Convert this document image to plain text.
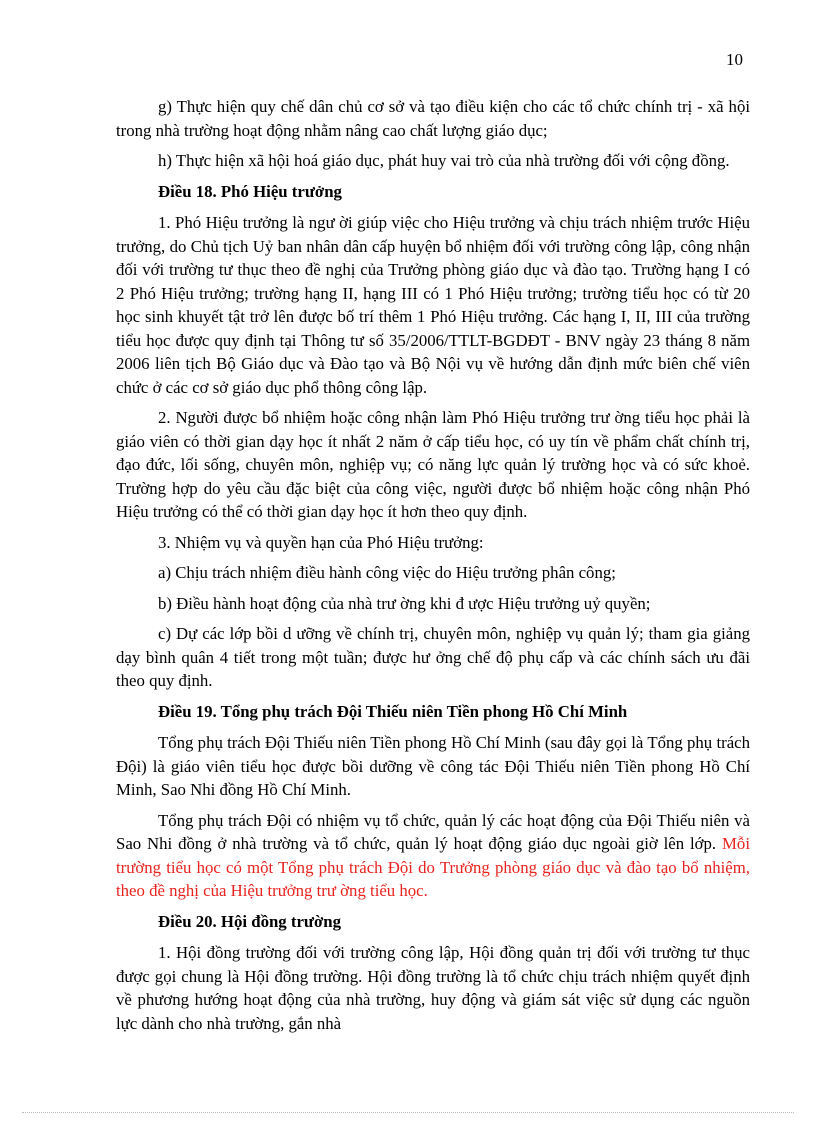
10

g) Thực hiện quy chế dân chủ cơ sở và tạo điều kiện cho các tổ chức chính trị - xã hội trong nhà trường hoạt động nhằm nâng cao chất lượng giáo dục;

h) Thực hiện xã hội hoá giáo dục, phát huy vai trò của nhà trường đối với cộng đồng.

Điều 18. Phó Hiệu trưởng

1. Phó Hiệu trưởng là ngư ời giúp việc cho Hiệu trưởng và chịu trách nhiệm trước Hiệu trưởng, do Chủ tịch Uỷ ban nhân dân cấp huyện bổ nhiệm đối với trường công lập, công nhận đối với trường tư thục theo đề nghị của Trưởng phòng giáo dục và đào tạo. Trường hạng I có 2 Phó Hiệu trưởng; trường hạng II, hạng III có 1 Phó Hiệu trưởng; trường tiểu học có từ 20 học sinh khuyết tật trở lên được bố trí thêm 1 Phó Hiệu trưởng. Các hạng I, II, III của trường tiểu học được quy định tại Thông tư số 35/2006/TTLT-BGDĐT - BNV ngày 23 tháng 8 năm 2006 liên tịch Bộ Giáo dục và Đào tạo và Bộ Nội vụ về hướng dẫn định mức biên chế viên chức ở các cơ sở giáo dục phổ thông công lập.

2. Người được bổ nhiệm hoặc công nhận làm Phó Hiệu trưởng trư ờng tiểu học phải là giáo viên có thời gian dạy học ít nhất 2 năm ở cấp tiểu học, có uy tín về phẩm chất chính trị, đạo đức, lối sống, chuyên môn, nghiệp vụ; có năng lực quản lý trường học và có sức khoẻ. Trường hợp do yêu cầu đặc biệt của công việc, người được bổ nhiệm hoặc công nhận Phó Hiệu trưởng có thể có thời gian dạy học ít hơn theo quy định.

3. Nhiệm vụ và quyền hạn của Phó Hiệu trưởng:

a) Chịu trách nhiệm điều hành công việc do Hiệu trưởng phân công;

b) Điều hành hoạt động của nhà trư ờng khi đ ược Hiệu trưởng uỷ quyền;

c) Dự các lớp bồi d ưỡng về chính trị, chuyên môn, nghiệp vụ quản lý; tham gia giảng dạy bình quân 4 tiết trong một tuần; được hư ởng chế độ phụ cấp và các chính sách ưu đãi theo quy định.

Điều 19. Tổng phụ trách Đội Thiếu niên Tiền phong Hồ Chí Minh

Tổng phụ trách Đội Thiếu niên Tiền phong Hồ Chí Minh (sau đây gọi là Tổng phụ trách Đội) là giáo viên tiểu học được bồi dưỡng về công tác Đội Thiếu niên Tiền phong Hồ Chí Minh, Sao Nhi đồng Hồ Chí Minh.

Tổng phụ trách Đội có nhiệm vụ tổ chức, quản lý các hoạt động của Đội Thiếu niên và Sao Nhi đồng ở nhà trường và tổ chức, quản lý hoạt động giáo dục ngoài giờ lên lớp. Mỗi trường tiểu học có một Tổng phụ trách Đội do Trưởng phòng giáo dục và đào tạo bổ nhiệm, theo đề nghị của Hiệu trưởng trư ờng tiểu học.

Điều 20. Hội đồng trường

1. Hội đồng trường đối với trường công lập, Hội đồng quản trị đối với trường tư thục được gọi chung là Hội đồng trường. Hội đồng trường là tổ chức chịu trách nhiệm quyết định về phương hướng hoạt động của nhà trường, huy động và giám sát việc sử dụng các nguồn lực dành cho nhà trường, gắn nhà
